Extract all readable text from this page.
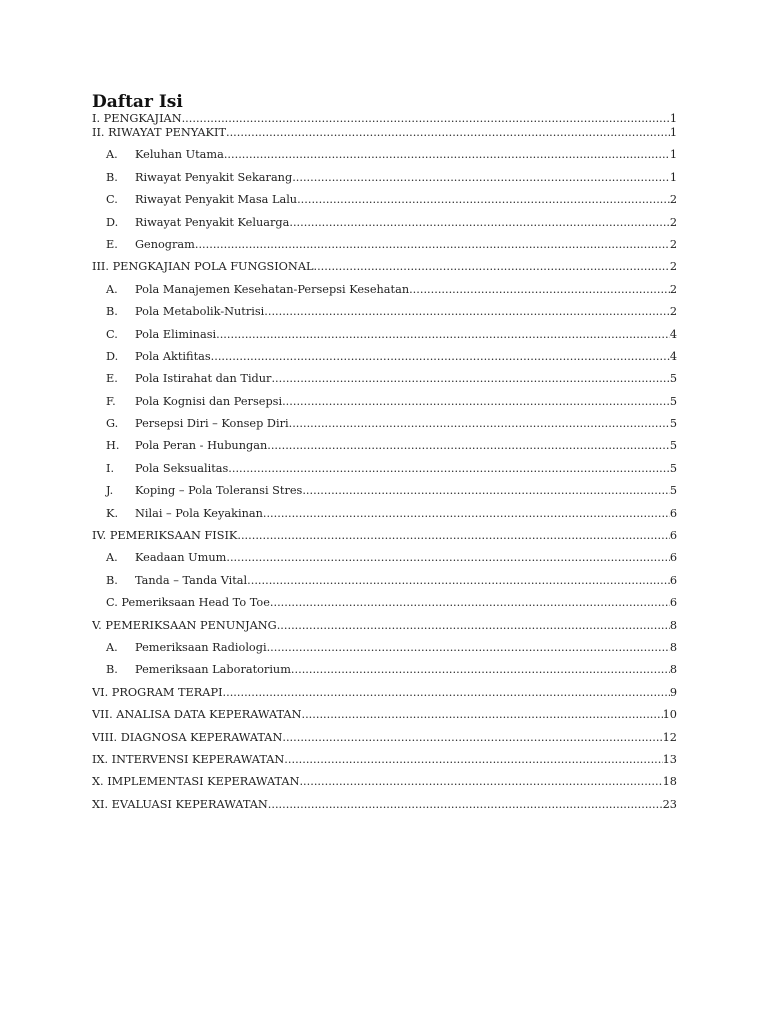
Daftar Isi
I. PENGKAJIAN .....	1
II. RIWAYAT PENYAKIT .....	1
A.	Keluhan Utama .....	1
B.	Riwayat Penyakit Sekarang .....	1
C.	Riwayat Penyakit Masa Lalu .....	2
D.	Riwayat Penyakit Keluarga .....	2
E.	Genogram .....	2
III. PENGKAJIAN POLA FUNGSIONAL .....	2
A.	Pola Manajemen Kesehatan-Persepsi Kesehatan .....	2
B.	Pola Metabolik-Nutrisi .....	2
C.	Pola Eliminasi .....	4
D.	Pola Aktifitas .....	4
E.	Pola Istirahat dan Tidur .....	5
F.	Pola Kognisi dan Persepsi .....	5
G.	Persepsi Diri – Konsep Diri .....	5
H.	Pola Peran - Hubungan .....	5
I.	Pola Seksualitas .....	5
J.	Koping – Pola Toleransi Stres .....	5
K.	Nilai – Pola Keyakinan .....	6
IV. PEMERIKSAAN FISIK .....	6
A.	Keadaan Umum .....	6
B.	Tanda – Tanda Vital .....	6
C. Pemeriksaan Head To Toe .....	6
V. PEMERIKSAAN PENUNJANG .....	8
A.	Pemeriksaan Radiologi .....	8
B.	Pemeriksaan Laboratorium .....	8
VI. PROGRAM TERAPI .....	9
VII. ANALISA DATA KEPERAWATAN .....	10
VIII. DIAGNOSA KEPERAWATAN .....	12
IX. INTERVENSI KEPERAWATAN .....	13
X. IMPLEMENTASI KEPERAWATAN .....	18
XI. EVALUASI KEPERAWATAN .....	23
